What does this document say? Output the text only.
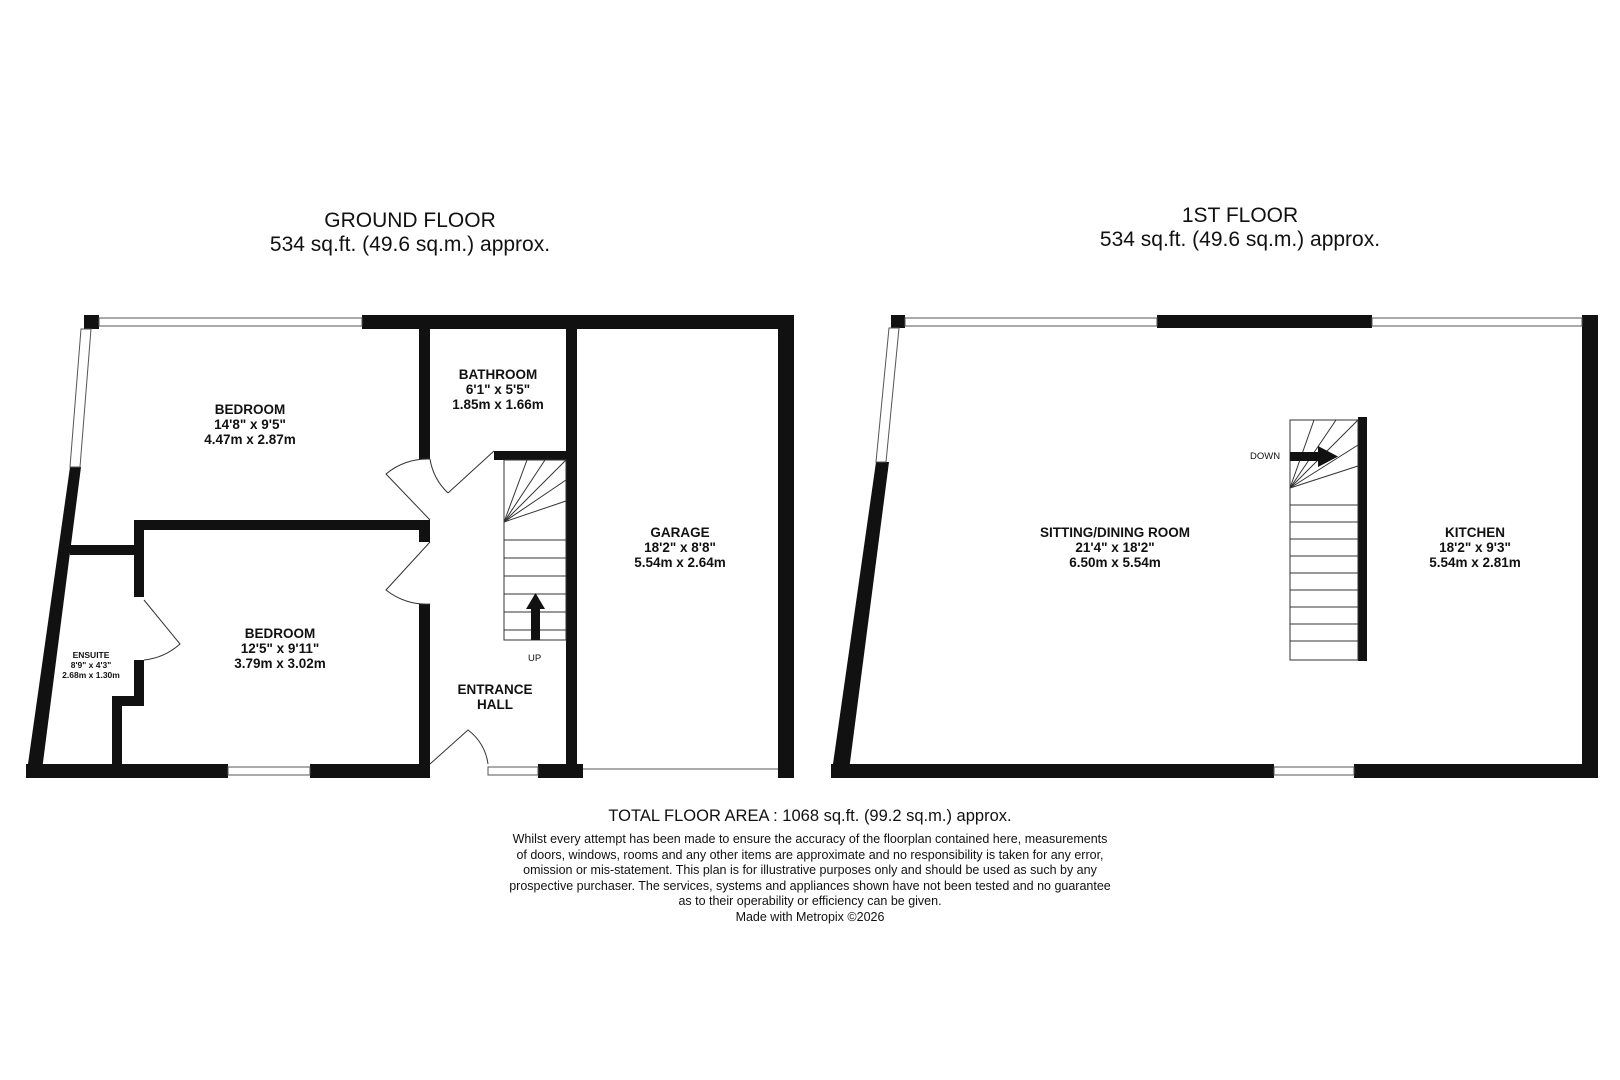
GROUND FLOOR
534 sq.ft. (49.6 sq.m.) approx.
1ST FLOOR
534 sq.ft. (49.6 sq.m.) approx.
BEDROOM
14'8" x 9'5"
4.47m x 2.87m
BATHROOM
6'1" x 5'5"
1.85m x 1.66m
GARAGE
18'2" x 8'8"
5.54m x 2.64m
BEDROOM
12'5" x 9'11"
3.79m x 3.02m
ENSUITE
8'9" x 4'3"
2.68m x 1.30m
ENTRANCE
HALL
UP
SITTING/DINING ROOM
21'4" x 18'2"
6.50m x 5.54m
KITCHEN
18'2" x 9'3"
5.54m x 2.81m
DOWN
TOTAL FLOOR AREA : 1068 sq.ft. (99.2 sq.m.) approx.
Whilst every attempt has been made to ensure the accuracy of the floorplan contained here, measurements
of doors, windows, rooms and any other items are approximate and no responsibility is taken for any error,
omission or mis-statement. This plan is for illustrative purposes only and should be used as such by any
prospective purchaser. The services, systems and appliances shown have not been tested and no guarantee
as to their operability or efficiency can be given.
Made with Metropix ©2026
